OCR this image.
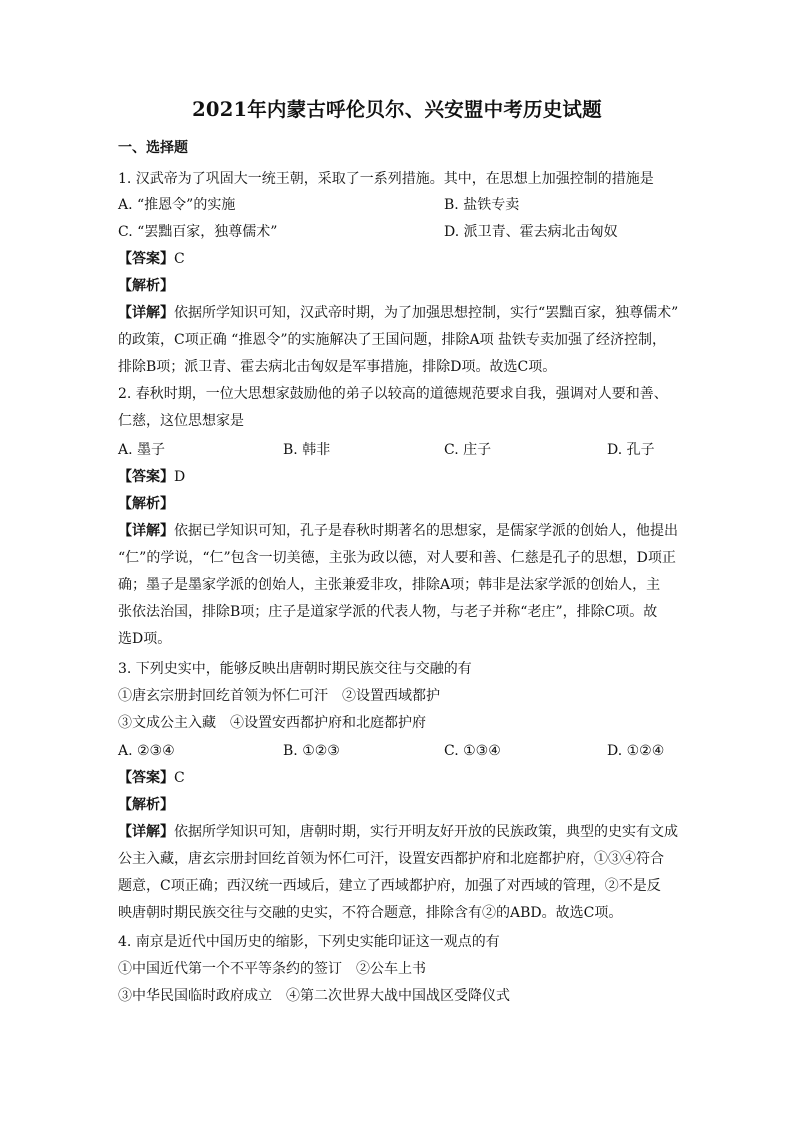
2021年内蒙古呼伦贝尔、兴安盟中考历史试题
一、选择题
1. 汉武帝为了巩固大一统王朝，采取了一系列措施。其中，在思想上加强控制的措施是
A. “推恩令”的实施	B. 盐铁专卖
C. “罢黜百家，独尊儒术”	D. 派卫青、霍去病北击匈奴
【答案】C
【解析】
【详解】依据所学知识可知，汉武帝时期，为了加强思想控制，实行“罢黜百家，独尊儒术”
的政策，C项正确 “推恩令”的实施解决了王国问题，排除A项 盐铁专卖加强了经济控制，
排除B项；派卫青、霍去病北击匈奴是军事措施，排除D项。故选C项。
2. 春秋时期，一位大思想家鼓励他的弟子以较高的道德规范要求自我，强调对人要和善、
仁慈，这位思想家是
A. 墨子	B. 韩非	C. 庄子	D. 孔子
【答案】D
【解析】
【详解】依据已学知识可知，孔子是春秋时期著名的思想家，是儒家学派的创始人，他提出
“仁”的学说，“仁”包含一切美德，主张为政以德，对人要和善、仁慈是孔子的思想，D项正
确；墨子是墨家学派的创始人，主张兼爱非攻，排除A项；韩非是法家学派的创始人，主
张依法治国，排除B项；庄子是道家学派的代表人物，与老子并称“老庄”，排除C项。故
选D项。
3. 下列史实中，能够反映出唐朝时期民族交往与交融的有
①唐玄宗册封回纥首领为怀仁可汗　②设置西域都护
③文成公主入藏　④设置安西都护府和北庭都护府
A. ②③④	B. ①②③	C. ①③④	D. ①②④
【答案】C
【解析】
【详解】依据所学知识可知，唐朝时期，实行开明友好开放的民族政策，典型的史实有文成
公主入藏，唐玄宗册封回纥首领为怀仁可汗，设置安西都护府和北庭都护府，①③④符合
题意，C项正确；西汉统一西域后，建立了西域都护府，加强了对西域的管理，②不是反
映唐朝时期民族交往与交融的史实，不符合题意，排除含有②的ABD。故选C项。
4. 南京是近代中国历史的缩影，下列史实能印证这一观点的有
①中国近代第一个不平等条约的签订　②公车上书
③中华民国临时政府成立　④第二次世界大战中国战区受降仪式
